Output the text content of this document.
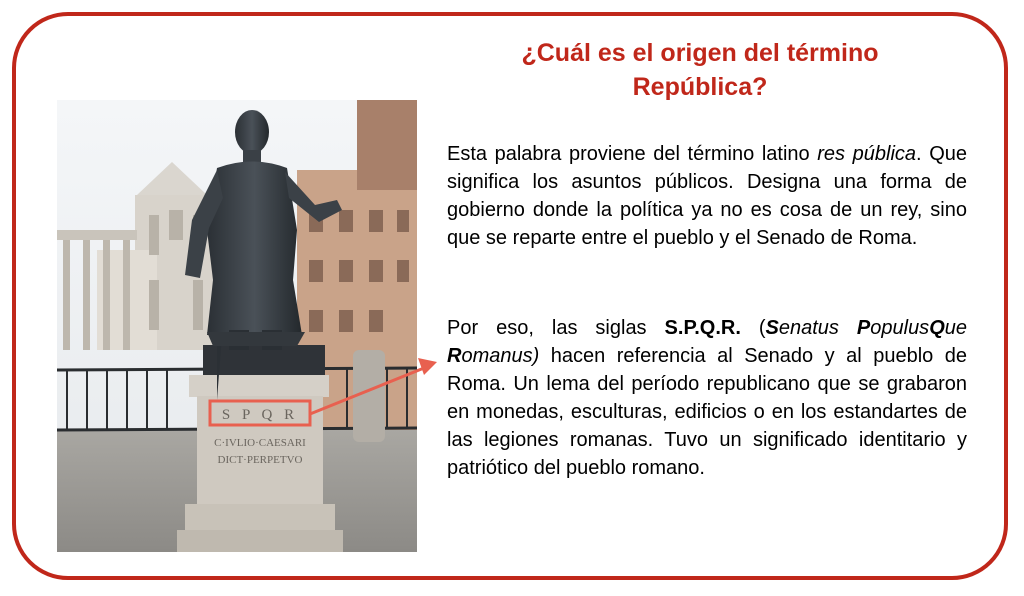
¿Cuál es el origen del término
República?

Esta palabra proviene del término latino res pública. Que significa los asuntos públicos. Designa una forma de gobierno donde la política ya no es cosa de un rey, sino que se reparte entre el pueblo y el Senado de Roma.

Por eso, las siglas S.P.Q.R. (Senatus PopulusQue Romanus) hacen referencia al Senado y al pueblo de Roma. Un lema del período republicano que se grabaron en monedas, esculturas, edificios o en los estandartes de las legiones romanas. Tuvo un significado identitario y patriótico del pueblo romano.

S P Q R
C·IVLIO·CAESARI
DICT·PERPETVO
